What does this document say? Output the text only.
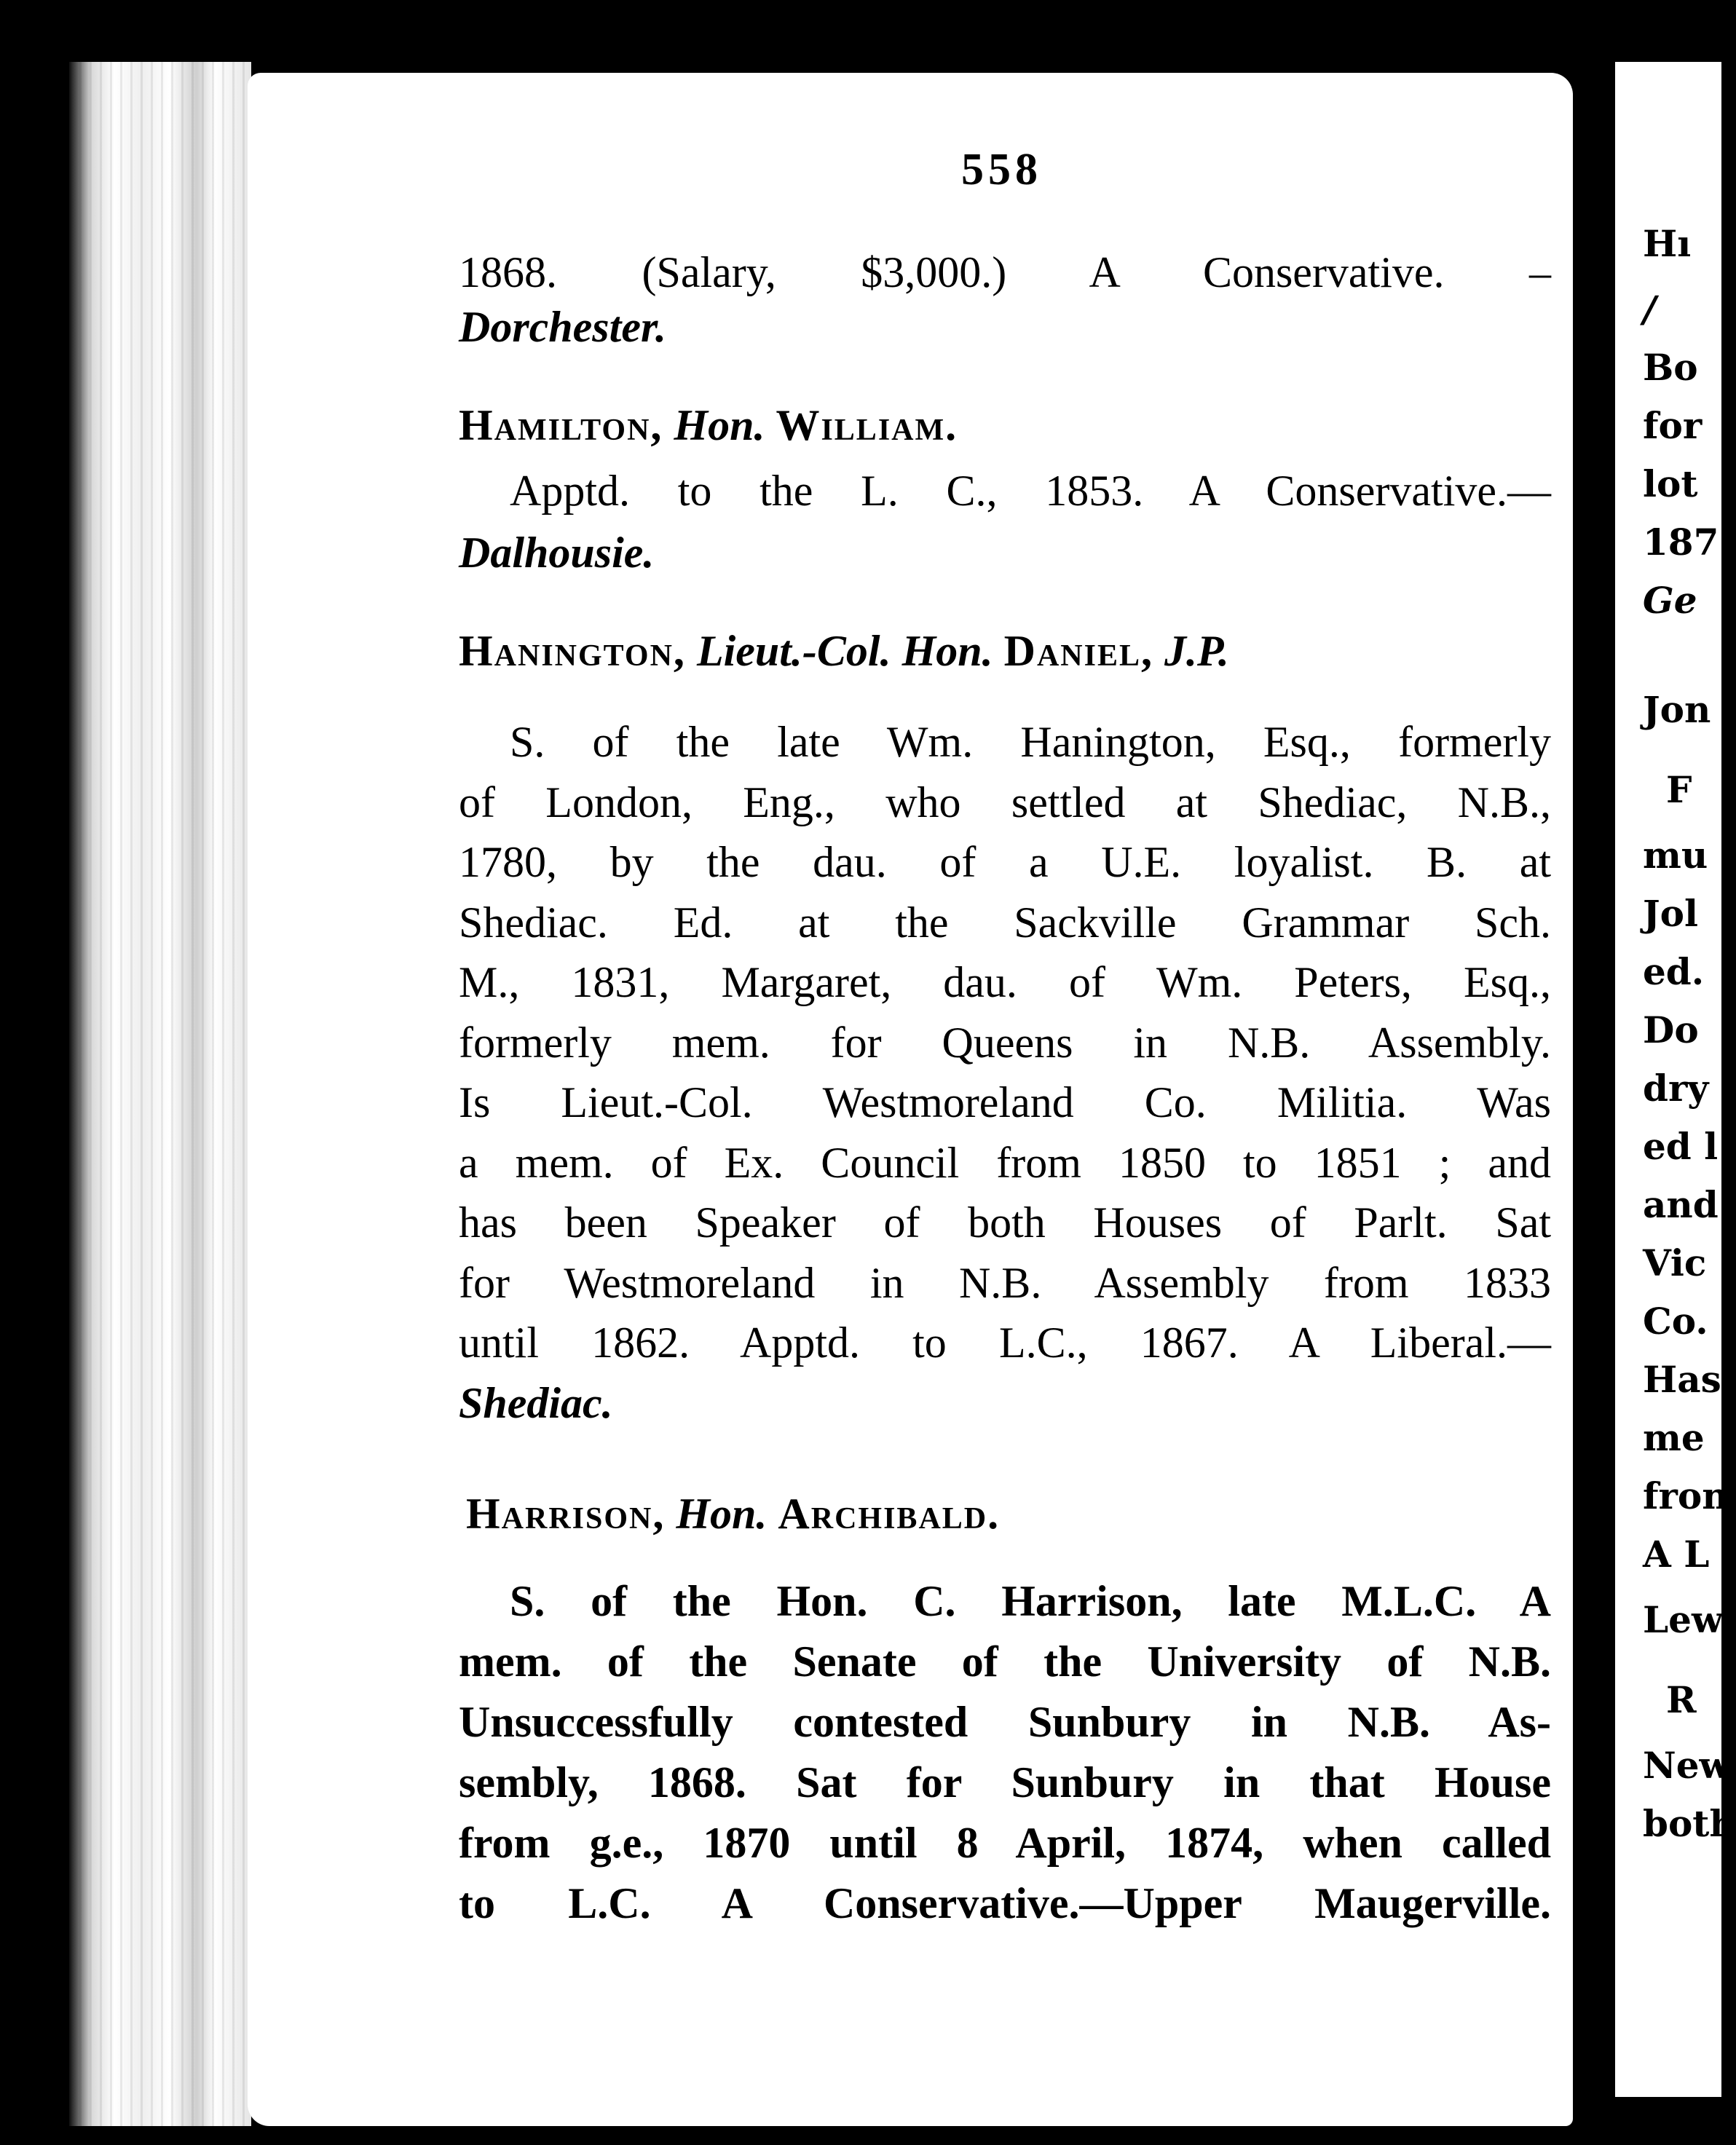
558
1868. (Salary, $3,000.) A Conservative. –
Dorchester.
Hamilton, Hon. William.
Apptd. to the L. C., 1853. A Conservative.—
Dalhousie.
Hanington, Lieut.-Col. Hon. Daniel, J.P.
S. of the late Wm. Hanington, Esq., formerly
of London, Eng., who settled at Shediac, N.B.,
1780, by the dau. of a U.E. loyalist. B. at
Shediac. Ed. at the Sackville Grammar Sch.
M., 1831, Margaret, dau. of Wm. Peters, Esq.,
formerly mem. for Queens in N.B. Assembly.
Is Lieut.-Col. Westmoreland Co. Militia. Was
a mem. of Ex. Council from 1850 to 1851 ; and
has been Speaker of both Houses of Parlt. Sat
for Westmoreland in N.B. Assembly from 1833
until 1862. Apptd. to L.C., 1867. A Liberal.—
Shediac.
Harrison, Hon. Archibald.
S. of the Hon. C. Harrison, late M.L.C. A
mem. of the Senate of the University of N.B.
Unsuccessfully contested Sunbury in N.B. As-
sembly, 1868. Sat for Sunbury in that House
from g.e., 1870 until 8 April, 1874, when called
to L.C. A Conservative.—Upper Maugerville.
Hı
/
Bo
for
lot
187
Ge
Jon
F
mu
Jol
ed.
Do
dry
ed l
and
Vic
Co.
Has
me
fron
A L
Lew
R
New
both
